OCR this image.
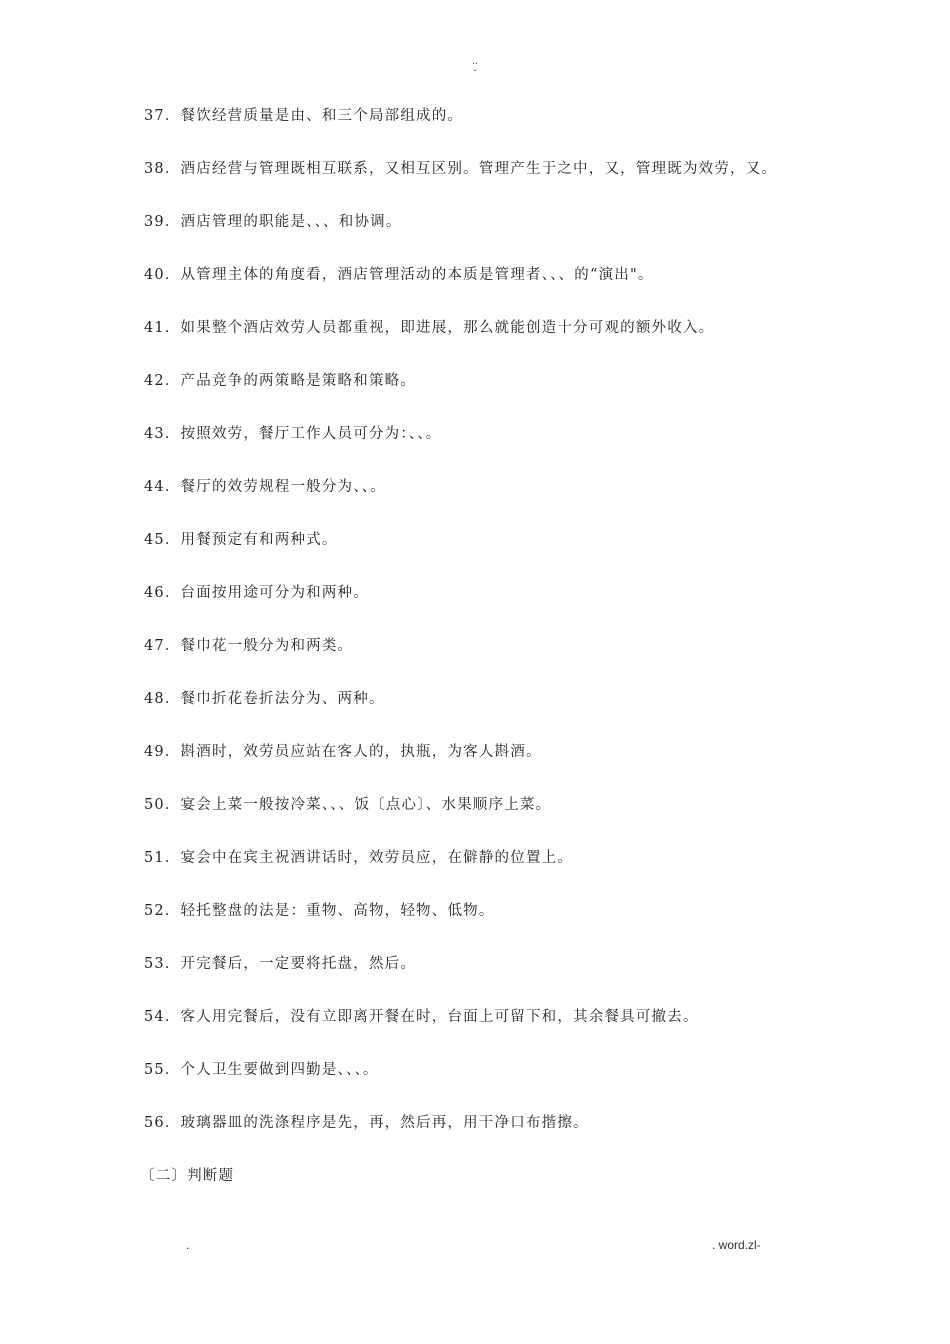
..
-
37．餐饮经营质量是由、和三个局部组成的。
38．酒店经营与管理既相互联系，又相互区别。管理产生于之中，又，管理既为效劳，又。
39．酒店管理的职能是、、、和协调。
40．从管理主体的角度看，酒店管理活动的本质是管理者、、、的“演出"。
41．如果整个酒店效劳人员都重视，即进展，那么就能创造十分可观的额外收入。
42．产品竞争的两策略是策略和策略。
43．按照效劳，餐厅工作人员可分为：、、。
44．餐厅的效劳规程一般分为、、。
45．用餐预定有和两种式。
46．台面按用途可分为和两种。
47．餐巾花一般分为和两类。
48．餐巾折花卷折法分为、两种。
49．斟酒时，效劳员应站在客人的，执瓶，为客人斟酒。
50．宴会上菜一般按冷菜、、、饭〔点心〕、水果顺序上菜。
51．宴会中在宾主祝酒讲话时，效劳员应，在僻静的位置上。
52．轻托整盘的法是：重物、高物，轻物、低物。
53．开完餐后，一定要将托盘，然后。
54．客人用完餐后，没有立即离开餐在时，台面上可留下和，其余餐具可撤去。
55．个人卫生要做到四勤是、、、。
56．玻璃器皿的洗涤程序是先，再，然后再，用干净口布揩擦。
〔二〕判断题
.	. word.zl-
